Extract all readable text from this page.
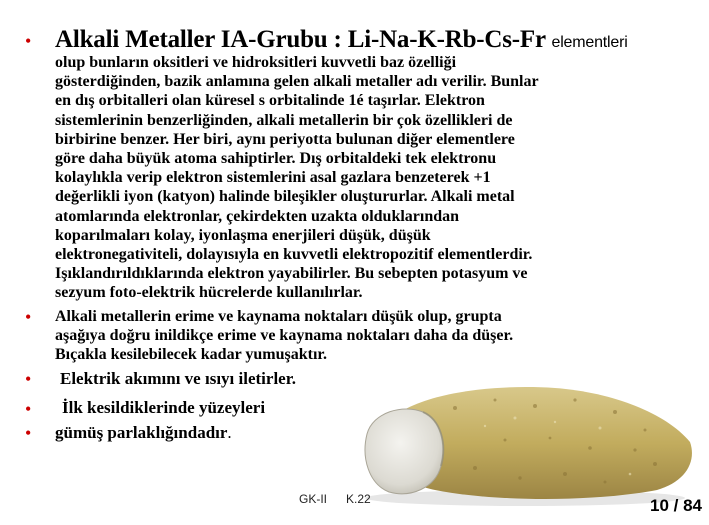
•
•
•
•
•
Alkali Metaller IA-Grubu : Li-Na-K-Rb-Cs-Fr elementleri
olup bunların oksitleri ve hidroksitleri kuvvetli baz özelliği
gösterdiğinden, bazik anlamına gelen alkali metaller adı verilir. Bunlar
en dış orbitalleri olan küresel s orbitalinde 1é taşırlar. Elektron
sistemlerinin benzerliğinden, alkali metallerin bir çok özellikleri de
birbirine benzer. Her biri, aynı periyotta bulunan diğer elementlere
göre daha büyük atoma sahiptirler. Dış orbitaldeki tek elektronu
kolaylıkla verip elektron sistemlerini asal gazlara benzeterek +1
değerlikli iyon (katyon) halinde bileşikler oluştururlar. Alkali metal
atomlarında elektronlar, çekirdekten uzakta olduklarından
koparılmaları kolay, iyonlaşma enerjileri düşük, düşük
elektronegativiteli, dolayısıyla en kuvvetli elektropozitif elementlerdir.
Işıklandırıldıklarında elektron yayabilirler. Bu sebepten potasyum ve
sezyum foto-elektrik hücrelerde kullanılırlar.
Alkali metallerin erime ve kaynama noktaları düşük olup, grupta
aşağıya doğru inildikçe erime ve kaynama noktaları daha da düşer.
Bıçakla kesilebilecek kadar yumuşaktır.
Elektrik akımını ve ısıyı iletirler.
İlk kesildiklerinde yüzeyleri
gümüş parlaklığındadır.
GK-II K.22	10 / 84
